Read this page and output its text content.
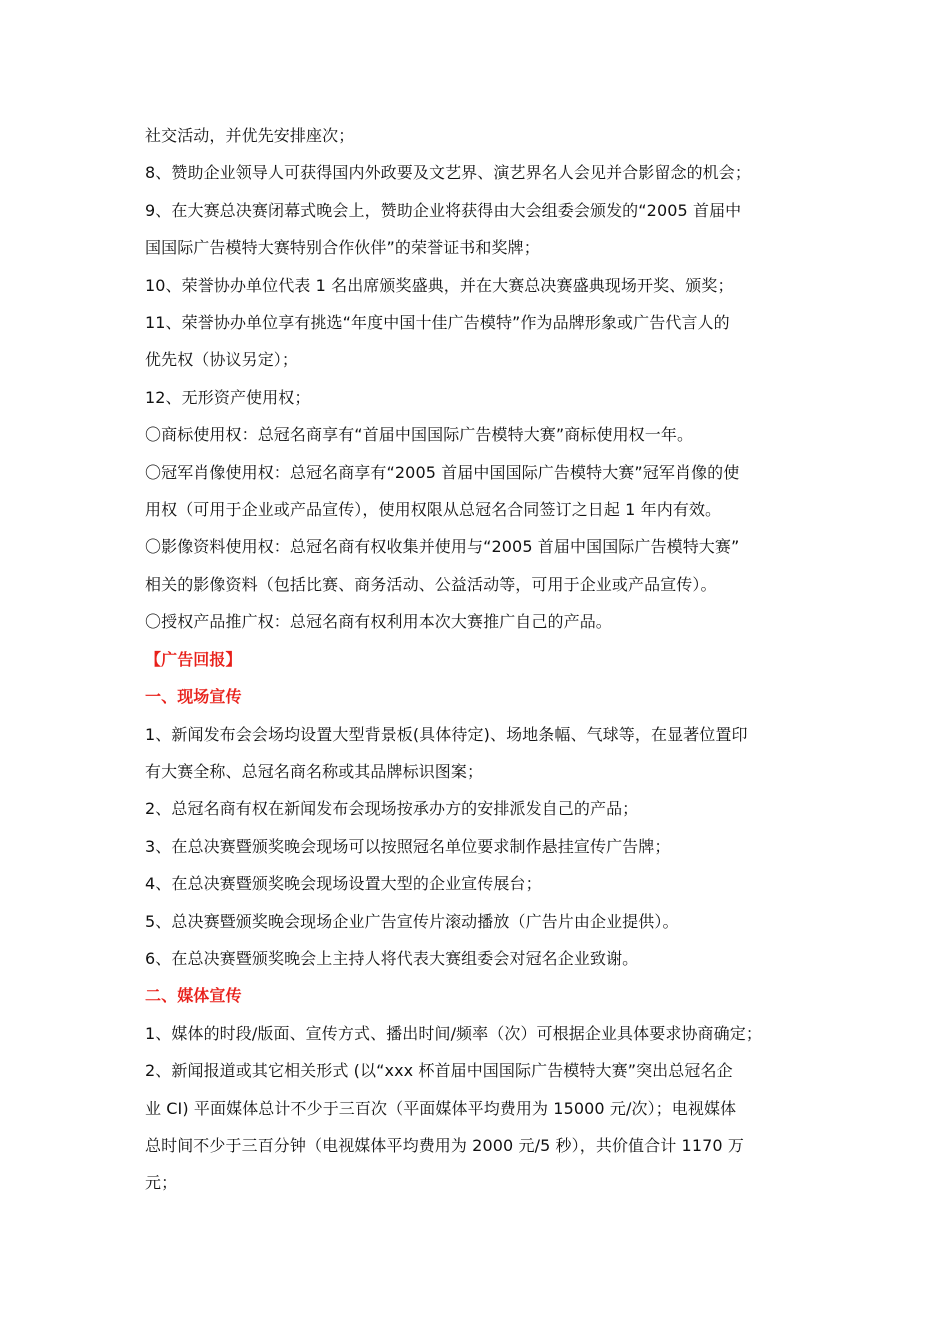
社交活动，并优先安排座次；
8、赞助企业领导人可获得国内外政要及文艺界、演艺界名人会见并合影留念的机会；
9、在大赛总决赛闭幕式晚会上，赞助企业将获得由大会组委会颁发的“2005 首届中
国国际广告模特大赛特别合作伙伴”的荣誉证书和奖牌；
10、荣誉协办单位代表 1 名出席颁奖盛典，并在大赛总决赛盛典现场开奖、颁奖；
11、荣誉协办单位享有挑选“年度中国十佳广告模特”作为品牌形象或广告代言人的
优先权（协议另定）；
12、无形资产使用权；
〇商标使用权：总冠名商享有“首届中国国际广告模特大赛”商标使用权一年。
〇冠军肖像使用权：总冠名商享有“2005 首届中国国际广告模特大赛”冠军肖像的使
用权（可用于企业或产品宣传），使用权限从总冠名合同签订之日起 1 年内有效。
〇影像资料使用权：总冠名商有权收集并使用与“2005 首届中国国际广告模特大赛”
相关的影像资料（包括比赛、商务活动、公益活动等，可用于企业或产品宣传）。
〇授权产品推广权：总冠名商有权利用本次大赛推广自己的产品。
【广告回报】
一、现场宣传
1、新闻发布会会场均设置大型背景板(具体待定)、场地条幅、气球等，在显著位置印
有大赛全称、总冠名商名称或其品牌标识图案；
2、总冠名商有权在新闻发布会现场按承办方的安排派发自己的产品；
3、在总决赛暨颁奖晚会现场可以按照冠名单位要求制作悬挂宣传广告牌；
4、在总决赛暨颁奖晚会现场设置大型的企业宣传展台；
5、总决赛暨颁奖晚会现场企业广告宣传片滚动播放（广告片由企业提供）。
6、在总决赛暨颁奖晚会上主持人将代表大赛组委会对冠名企业致谢。
二、媒体宣传
1、媒体的时段/版面、宣传方式、播出时间/频率（次）可根据企业具体要求协商确定；
2、新闻报道或其它相关形式 (以“xxx 杯首届中国国际广告模特大赛”突出总冠名企
业 CI) 平面媒体总计不少于三百次（平面媒体平均费用为 15000 元/次）；电视媒体
总时间不少于三百分钟（电视媒体平均费用为 2000 元/5 秒），共价值合计 1170 万
元；
